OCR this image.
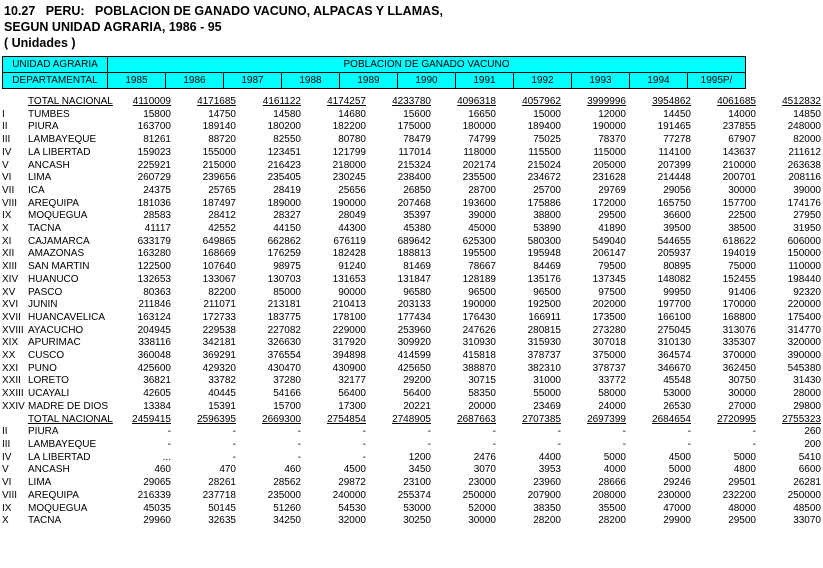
10.27   PERU:   POBLACION DE GANADO VACUNO, ALPACAS Y LLAMAS,
SEGUN UNIDAD AGRARIA, 1986 - 95
( Unidades )
UNIDAD AGRARIA	POBLACION DE GANADO VACUNO										
DEPARTAMENTAL	1985	1986	1987	1988	1989	1990	1991	1992	1993	1994	1995P/
	TOTAL NACIONAL	4110009	4171685	4161122	4174257	4233780	4096318	4057962	3999996	3954862	4061685	4512832
I	TUMBES	15800	14750	14580	14680	15600	16650	15000	12000	14450	14000	14850
II	PIURA	163700	189140	180200	182200	175000	180000	189400	190000	191465	237855	248000
III	LAMBAYEQUE	81261	88720	82550	80780	78479	74799	75025	78370	77278	67907	82000
IV	LA LIBERTAD	159023	155000	123451	121799	117014	118000	115500	115000	114100	143637	211612
V	ANCASH	225921	215000	216423	218000	215324	202174	215024	205000	207399	210000	263638
VI	LIMA	260729	239656	235405	230245	238400	235500	234672	231628	214448	200701	208116
VII	ICA	24375	25765	28419	25656	26850	28700	25700	29769	29056	30000	39000
VIII	AREQUIPA	181036	187497	189000	190000	207468	193600	175886	172000	165750	157700	174176
IX	MOQUEGUA	28583	28412	28327	28049	35397	39000	38800	29500	36600	22500	27950
X	TACNA	41117	42552	44150	44300	45380	45000	53890	41890	39500	38500	31950
XI	CAJAMARCA	633179	649865	662862	676119	689642	625300	580300	549040	544655	618622	606000
XII	AMAZONAS	163280	168669	176259	182428	188813	195500	195948	206147	205937	194019	150000
XIII	SAN MARTIN	122500	107640	98975	91240	81469	78667	84469	79500	80895	75000	110000
XIV	HUANUCO	132653	133067	130703	131653	131847	128189	135176	137345	148082	152455	198440
XV	PASCO	80363	82200	85000	90000	96580	96500	96500	97500	99950	91406	92320
XVI	JUNIN	211846	211071	213181	210413	203133	190000	192500	202000	197700	170000	220000
XVII	HUANCAVELICA	163124	172733	183775	178100	177434	176430	166911	173500	166100	168800	175400
XVIII	AYACUCHO	204945	229538	227082	229000	253960	247626	280815	273280	275045	313076	314770
XIX	APURIMAC	338116	342181	326630	317920	309920	310930	315930	307018	310130	335307	320000
XX	CUSCO	360048	369291	376554	394898	414599	415818	378737	375000	364574	370000	390000
XXI	PUNO	425600	429320	430470	430900	425650	388870	382310	378737	346670	362450	545380
XXII	LORETO	36821	33782	37280	32177	29200	30715	31000	33772	45548	30750	31430
XXIII	UCAYALI	42605	40445	54166	56400	56400	58350	55000	58000	53000	30000	28000
XXIV	MADRE DE DIOS	13384	15391	15700	17300	20221	20000	23469	24000	26530	27000	29800
	TOTAL NACIONAL	2459415	2596395	2669300	2754854	2748905	2687663	2707385	2697399	2684654	2720995	2755323
II	PIURA	-	-	-	-	-	-	-	-	-	-	260
III	LAMBAYEQUE	-	-	-	-	-	-	-	-	-	-	200
IV	LA LIBERTAD	...	-	-	-	1200	2476	4400	5000	4500	5000	5410
V	ANCASH	460	470	460	4500	3450	3070	3953	4000	5000	4800	6600
VI	LIMA	29065	28261	28562	29872	23100	23000	23960	28666	29246	29501	26281
VIII	AREQUIPA	216339	237718	235000	240000	255374	250000	207900	208000	230000	232200	250000
IX	MOQUEGUA	45035	50145	51260	54530	53000	52000	38350	35500	47000	48000	48500
X	TACNA	29960	32635	34250	32000	30250	30000	28200	28200	29900	29500	33070
